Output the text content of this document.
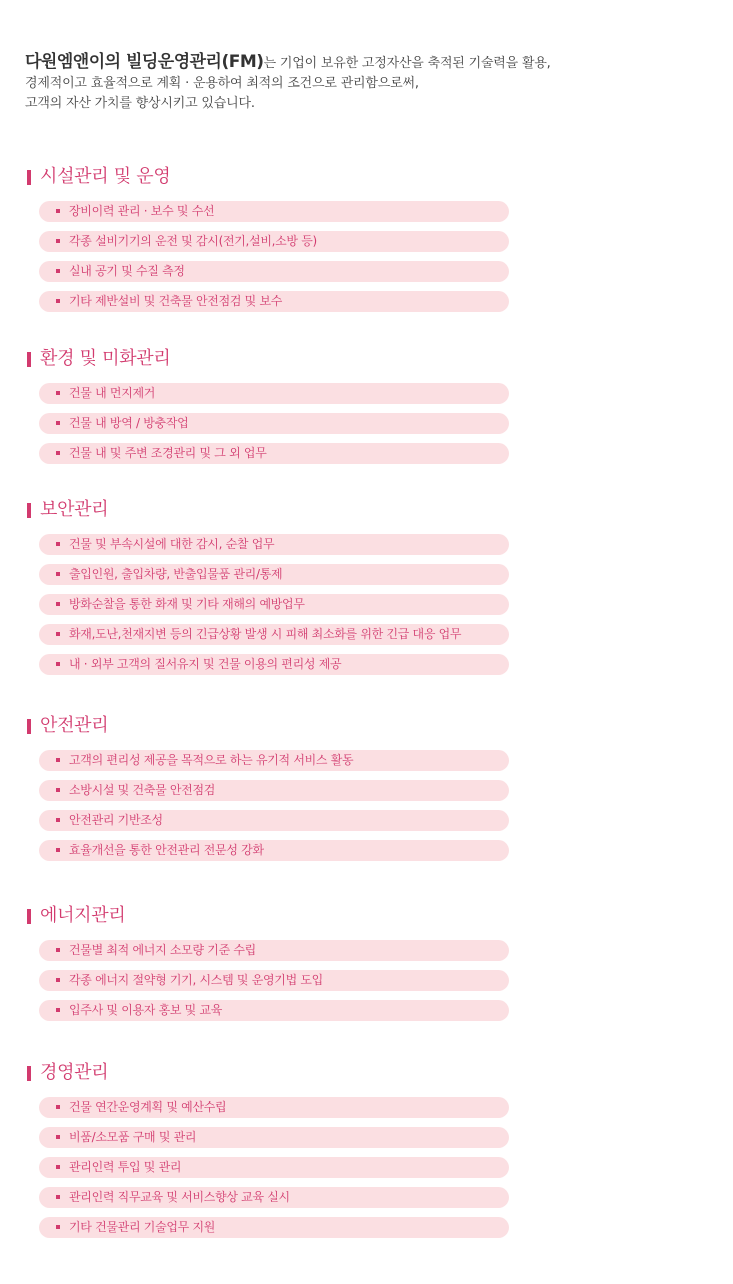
다원엠앤이의 빌딩운영관리(FM)는 기업이 보유한 고정자산을 축적된 기술력을 활용,
경제적이고 효율적으로 계획 · 운용하여 최적의 조건으로 관리함으로써,
고객의 자산 가치를 향상시키고 있습니다.
시설관리 및 운영
장비이력 관리 · 보수 및 수선
각종 설비기기의 운전 및 감시(전기,설비,소방 등)
실내 공기 및 수질 측정
기타 제반설비 및 건축물 안전점검 및 보수
환경 및 미화관리
건물 내 먼지제거
건물 내 방역 / 방충작업
건물 내 및 주변 조경관리 및 그 외 업무
보안관리
건물 및 부속시설에 대한 감시, 순찰 업무
출입인원, 출입차량, 반출입물품 관리/통제
방화순찰을 통한 화재 및 기타 재해의 예방업무
화재,도난,천재지변 등의 긴급상황 발생 시 피해 최소화를 위한 긴급 대응 업무
내 · 외부 고객의 질서유지 및 건물 이용의 편리성 제공
안전관리
고객의 편리성 제공을 목적으로 하는 유기적 서비스 활동
소방시설 및 건축물 안전점검
안전관리 기반조성
효율개선을 통한 안전관리 전문성 강화
에너지관리
건물별 최적 에너지 소모량 기준 수립
각종 에너지 절약형 기기, 시스템 및 운영기법 도입
입주사 및 이용자 홍보 및 교육
경영관리
건물 연간운영계획 및 예산수립
비품/소모품 구매 및 관리
관리인력 투입 및 관리
관리인력 직무교육 및 서비스향상 교육 실시
기타 건물관리 기술업무 지원
